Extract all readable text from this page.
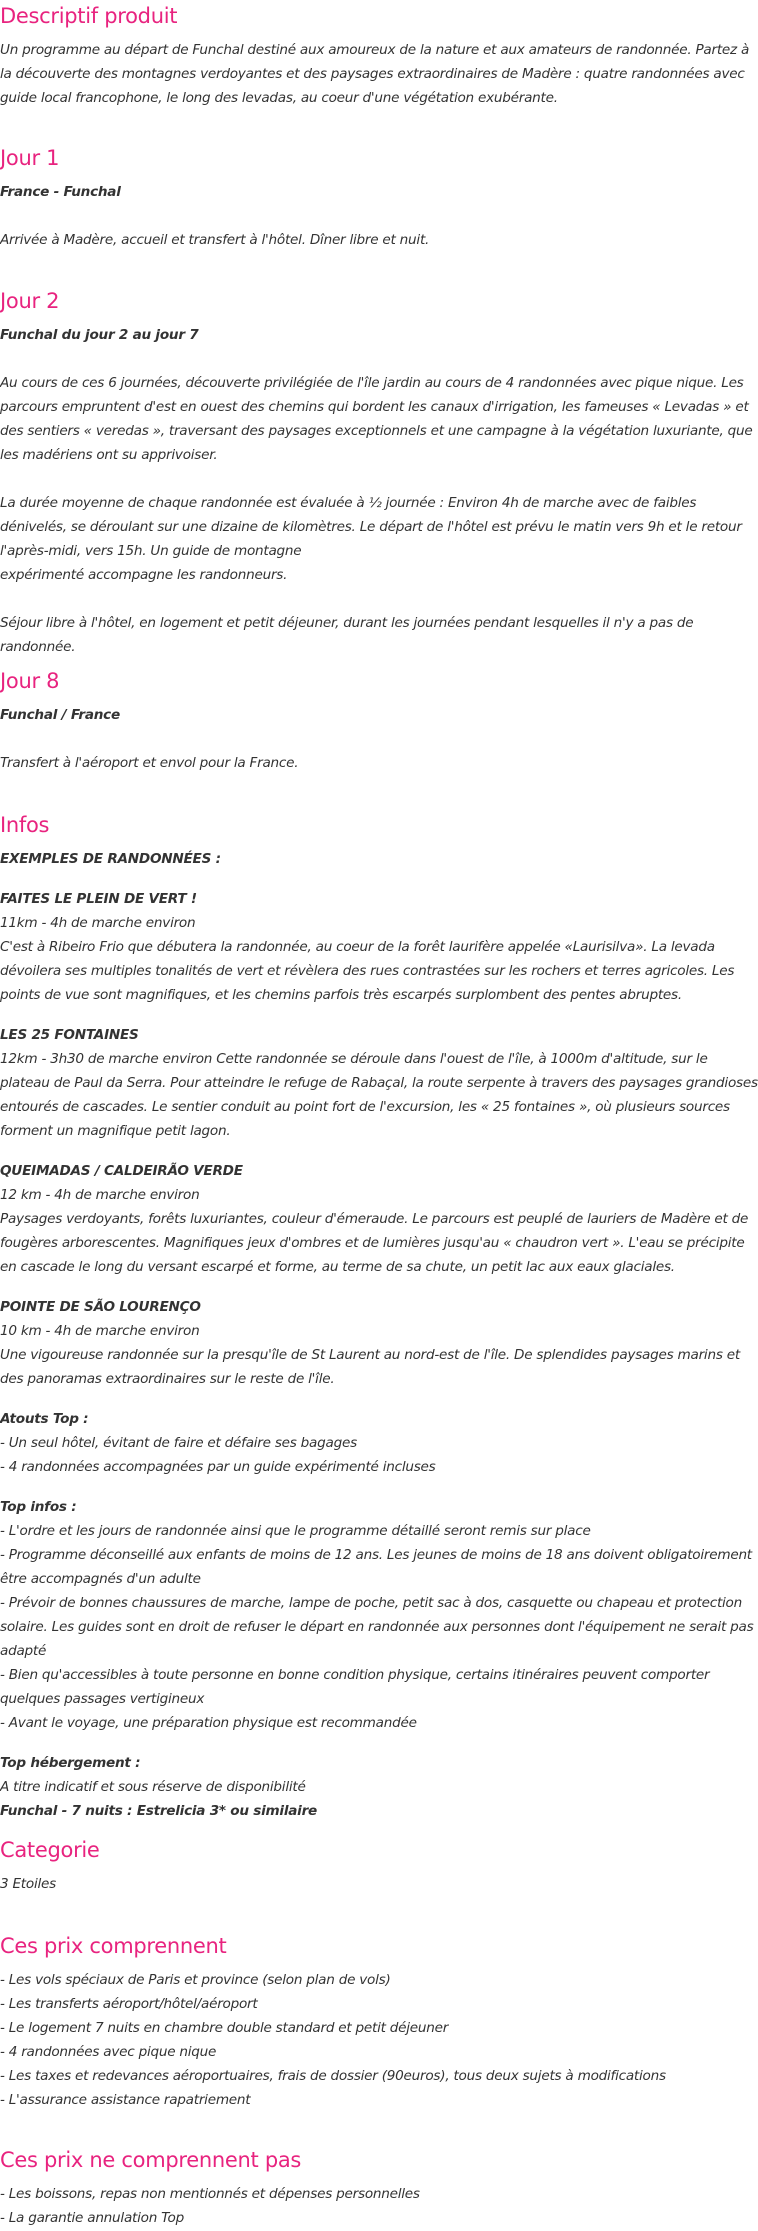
Descriptif produit

Un programme au départ de Funchal destiné aux amoureux de la nature et aux amateurs de randonnée. Partez à la découverte des montagnes verdoyantes et des paysages extraordinaires de Madère : quatre randonnées avec guide local francophone, le long des levadas, au coeur d'une végétation exubérante.

Jour 1

France - Funchal

Arrivée à Madère, accueil et transfert à l'hôtel. Dîner libre et nuit.

Jour 2

Funchal du jour 2 au jour 7

Au cours de ces 6 journées, découverte privilégiée de l'île jardin au cours de 4 randonnées avec pique nique. Les parcours empruntent d'est en ouest des chemins qui bordent les canaux d'irrigation, les fameuses « Levadas » et des sentiers « veredas », traversant des paysages exceptionnels et une campagne à la végétation luxuriante, que les madériens ont su apprivoiser.

La durée moyenne de chaque randonnée est évaluée à ½ journée : Environ 4h de marche avec de faibles dénivelés, se déroulant sur une dizaine de kilomètres. Le départ de l'hôtel est prévu le matin vers 9h et le retour l'après-midi, vers 15h. Un guide de montagne

expérimenté accompagne les randonneurs.

Séjour libre à l'hôtel, en logement et petit déjeuner, durant les journées pendant lesquelles il n'y a pas de randonnée.

Jour 8

Funchal / France

Transfert à l'aéroport et envol pour la France.

Infos

EXEMPLES DE RANDONNÉES :

FAITES LE PLEIN DE VERT !

11km - 4h de marche environ

C'est à Ribeiro Frio que débutera la randonnée, au coeur de la forêt laurifère appelée «Laurisilva». La levada dévoilera ses multiples tonalités de vert et révèlera des rues contrastées sur les rochers et terres agricoles. Les points de vue sont magnifiques, et les chemins parfois très escarpés surplombent des pentes abruptes.

LES 25 FONTAINES

12km - 3h30 de marche environ Cette randonnée se déroule dans l'ouest de l'île, à 1000m d'altitude, sur le plateau de Paul da Serra. Pour atteindre le refuge de Rabaçal, la route serpente à travers des paysages grandioses entourés de cascades. Le sentier conduit au point fort de l'excursion, les « 25 fontaines », où plusieurs sources forment un magnifique petit lagon.

QUEIMADAS / CALDEIRÃO VERDE

12 km - 4h de marche environ

Paysages verdoyants, forêts luxuriantes, couleur d'émeraude. Le parcours est peuplé de lauriers de Madère et de fougères arborescentes. Magnifiques jeux d'ombres et de lumières jusqu'au « chaudron vert ». L'eau se précipite en cascade le long du versant escarpé et forme, au terme de sa chute, un petit lac aux eaux glaciales.

POINTE DE SÃO LOURENÇO

10 km - 4h de marche environ

Une vigoureuse randonnée sur la presqu'île de St Laurent au nord-est de l'île. De splendides paysages marins et des panoramas extraordinaires sur le reste de l'île.

Atouts Top :

- Un seul hôtel, évitant de faire et défaire ses bagages

- 4 randonnées accompagnées par un guide expérimenté incluses

Top infos :

- L'ordre et les jours de randonnée ainsi que le programme détaillé seront remis sur place

- Programme déconseillé aux enfants de moins de 12 ans. Les jeunes de moins de 18 ans doivent obligatoirement être accompagnés d'un adulte

- Prévoir de bonnes chaussures de marche, lampe de poche, petit sac à dos, casquette ou chapeau et protection solaire. Les guides sont en droit de refuser le départ en randonnée aux personnes dont l'équipement ne serait pas adapté

- Bien qu'accessibles à toute personne en bonne condition physique, certains itinéraires peuvent comporter quelques passages vertigineux

- Avant le voyage, une préparation physique est recommandée

Top hébergement :

A titre indicatif et sous réserve de disponibilité

Funchal - 7 nuits : Estrelicia 3* ou similaire

Categorie

3 Etoiles

Ces prix comprennent

- Les vols spéciaux de Paris et province (selon plan de vols)

- Les transferts aéroport/hôtel/aéroport

- Le logement 7 nuits en chambre double standard et petit déjeuner

- 4 randonnées avec pique nique

- Les taxes et redevances aéroportuaires, frais de dossier (90euros), tous deux sujets à modifications

- L'assurance assistance rapatriement

Ces prix ne comprennent pas

- Les boissons, repas non mentionnés et dépenses personnelles

- La garantie annulation Top
